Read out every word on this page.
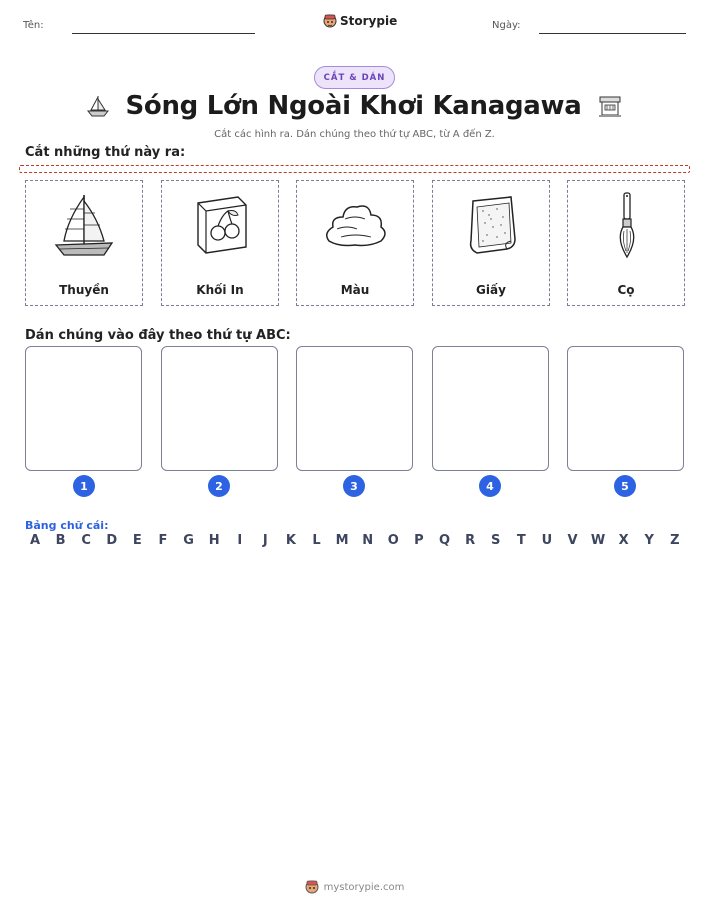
Tên:	Storypie	Ngày:
CẮT & DÁN
Sóng Lớn Ngoài Khơi Kanagawa
Cắt các hình ra. Dán chúng theo thứ tự ABC, từ A đến Z.
Cắt những thứ này ra:
Thuyền	Khối In	Màu	Giấy	Cọ
Dán chúng vào đây theo thứ tự ABC:
1	2	3	4	5
Bảng chữ cái:
A	B	C	D	E	F	G	H	I	J	K	L	M	N	O	P	Q	R	S	T	U	V	W	X	Y	Z
mystorypie.com
